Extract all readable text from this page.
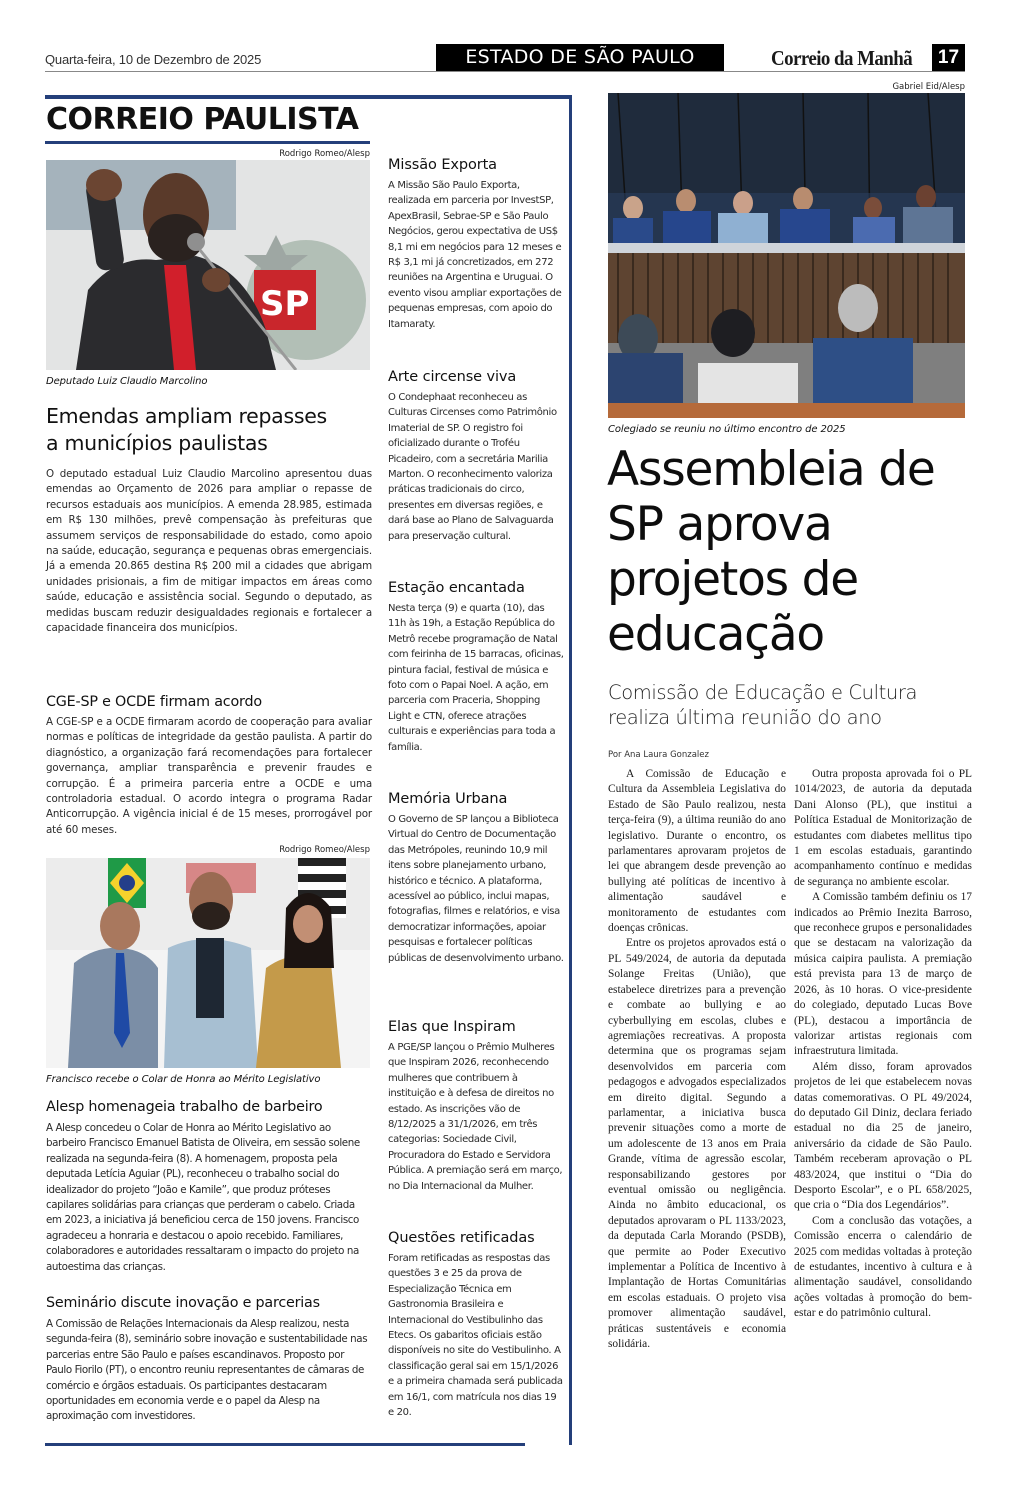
Quarta-feira, 10 de Dezembro de 2025	ESTADO DE SÃO PAULO	Correio da Manhã	17
CORREIO PAULISTA
Rodrigo Romeo/Alesp
SP
Deputado Luiz Claudio Marcolino
Emendas ampliam repasses
a municípios paulistas
O deputado estadual Luiz Claudio Marcolino apresentou duas emendas ao Orçamento de 2026 para ampliar o repasse de recursos estaduais aos municípios. A emenda 28.985, estimada em R$ 130 milhões, prevê compensação às prefeituras que assumem serviços de responsabilidade do estado, como apoio na saúde, educação, segurança e pequenas obras emergenciais. Já a emenda 20.865 destina R$ 200 mil a cidades que abrigam unidades prisionais, a fim de mitigar impactos em áreas como saúde, educação e assistência social. Segundo o deputado, as medidas buscam reduzir desigualdades regionais e fortalecer a capacidade financeira dos municípios.
CGE-SP e OCDE firmam acordo
A CGE-SP e a OCDE firmaram acordo de cooperação para avaliar normas e políticas de integridade da gestão paulista. A partir do diagnóstico, a organização fará recomendações para fortalecer governança, ampliar transparência e prevenir fraudes e corrupção. É a primeira parceria entre a OCDE e uma controladoria estadual. O acordo integra o programa Radar Anticorrupção. A vigência inicial é de 15 meses, prorrogável por até 60 meses.
Rodrigo Romeo/Alesp
Francisco recebe o Colar de Honra ao Mérito Legislativo
Alesp homenageia trabalho de barbeiro
A Alesp concedeu o Colar de Honra ao Mérito Legislativo ao barbeiro Francisco Emanuel Batista de Oliveira, em sessão solene realizada na segunda-feira (8). A homenagem, proposta pela deputada Letícia Aguiar (PL), reconheceu o trabalho social do idealizador do projeto “João e Kamile”, que produz próteses capilares solidárias para crianças que perderam o cabelo. Criada em 2023, a iniciativa já beneficiou cerca de 150 jovens. Francisco agradeceu a honraria e destacou o apoio recebido. Familiares, colaboradores e autoridades ressaltaram o impacto do projeto na autoestima das crianças.
Seminário discute inovação e parcerias
A Comissão de Relações Internacionais da Alesp realizou, nesta segunda-feira (8), seminário sobre inovação e sustentabilidade nas parcerias entre São Paulo e países escandinavos. Proposto por Paulo Fiorilo (PT), o encontro reuniu representantes de câmaras de comércio e órgãos estaduais. Os participantes destacaram oportunidades em economia verde e o papel da Alesp na aproximação com investidores.
Missão Exporta
A Missão São Paulo Exporta, realizada em parceria por InvestSP, ApexBrasil, Sebrae-SP e São Paulo Negócios, gerou expectativa de US$ 8,1 mi em negócios para 12 meses e R$ 3,1 mi já concretizados, em 272 reuniões na Argentina e Uruguai. O evento visou ampliar exportações de pequenas empresas, com apoio do Itamaraty.
Arte circense viva
O Condephaat reconheceu as Culturas Circenses como Patrimônio Imaterial de SP. O registro foi oficializado durante o Troféu Picadeiro, com a secretária Marilia Marton. O reconhecimento valoriza práticas tradicionais do circo, presentes em diversas regiões, e dará base ao Plano de Salvaguarda para preservação cultural.
Estação encantada
Nesta terça (9) e quarta (10), das 11h às 19h, a Estação República do Metrô recebe programação de Natal com feirinha de 15 barracas, oficinas, pintura facial, festival de música e foto com o Papai Noel. A ação, em parceria com Praceria, Shopping Light e CTN, oferece atrações culturais e experiências para toda a família.
Memória Urbana
O Governo de SP lançou a Biblioteca Virtual do Centro de Documentação das Metrópoles, reunindo 10,9 mil itens sobre planejamento urbano, histórico e técnico. A plataforma, acessível ao público, inclui mapas, fotografias, filmes e relatórios, e visa democratizar informações, apoiar pesquisas e fortalecer políticas públicas de desenvolvimento urbano.
Elas que Inspiram
A PGE/SP lançou o Prêmio Mulheres que Inspiram 2026, reconhecendo mulheres que contribuem à instituição e à defesa de direitos no estado. As inscrições vão de 8/12/2025 a 31/1/2026, em três categorias: Sociedade Civil, Procuradora do Estado e Servidora Pública. A premiação será em março, no Dia Internacional da Mulher.
Questões retificadas
Foram retificadas as respostas das questões 3 e 25 da prova de Especialização Técnica em Gastronomia Brasileira e Internacional do Vestibulinho das Etecs. Os gabaritos oficiais estão disponíveis no site do Vestibulinho. A classificação geral sai em 15/1/2026 e a primeira chamada será publicada em 16/1, com matrícula nos dias 19 e 20.
Gabriel Eid/Alesp
Colegiado se reuniu no último encontro de 2025
Assembleia de SP aprova projetos de educação
Comissão de Educação e Cultura realiza última reunião do ano
Por Ana Laura Gonzalez

A Comissão de Educação e Cultura da Assembleia Legislativa do Estado de São Paulo realizou, nesta terça-feira (9), a última reunião do ano legislativo. Durante o encontro, os parlamentares aprovaram projetos de lei que abrangem desde prevenção ao bullying até políticas de incentivo à alimentação saudável e monitoramento de estudantes com doenças crônicas.

Entre os projetos aprovados está o PL 549/2024, de autoria da deputada Solange Freitas (União), que estabelece diretrizes para a prevenção e combate ao bullying e ao cyberbullying em escolas, clubes e agremiações recreativas. A proposta determina que os programas sejam desenvolvidos em parceria com pedagogos e advogados especializados em direito digital. Segundo a parlamentar, a iniciativa busca prevenir situações como a morte de um adolescente de 13 anos em Praia Grande, vítima de agressão escolar, responsabilizando gestores por eventual omissão ou negligência. Ainda no âmbito educacional, os deputados aprovaram o PL 1133/2023, da deputada Carla Morando (PSDB), que permite ao Poder Executivo implementar a Política de Incentivo à Implantação de Hortas Comunitárias em escolas estaduais. O projeto visa promover alimentação saudável, práticas sustentáveis e economia solidária.

Outra proposta aprovada foi o PL 1014/2023, de autoria da deputada Dani Alonso (PL), que institui a Política Estadual de Monitorização de estudantes com diabetes mellitus tipo 1 em escolas estaduais, garantindo acompanhamento contínuo e medidas de segurança no ambiente escolar.

A Comissão também definiu os 17 indicados ao Prêmio Inezita Barroso, que reconhece grupos e personalidades que se destacam na valorização da música caipira paulista. A premiação está prevista para 13 de março de 2026, às 10 horas. O vice-presidente do colegiado, deputado Lucas Bove (PL), destacou a importância de valorizar artistas regionais com infraestrutura limitada.

Além disso, foram aprovados projetos de lei que estabelecem novas datas comemorativas. O PL 49/2024, do deputado Gil Diniz, declara feriado estadual no dia 25 de janeiro, aniversário da cidade de São Paulo. Também receberam aprovação o PL 483/2024, que institui o “Dia do Desporto Escolar”, e o PL 658/2025, que cria o “Dia dos Legendários”.

Com a conclusão das votações, a Comissão encerra o calendário de 2025 com medidas voltadas à proteção de estudantes, incentivo à cultura e à alimentação saudável, consolidando ações voltadas à promoção do bem-estar e do patrimônio cultural.
